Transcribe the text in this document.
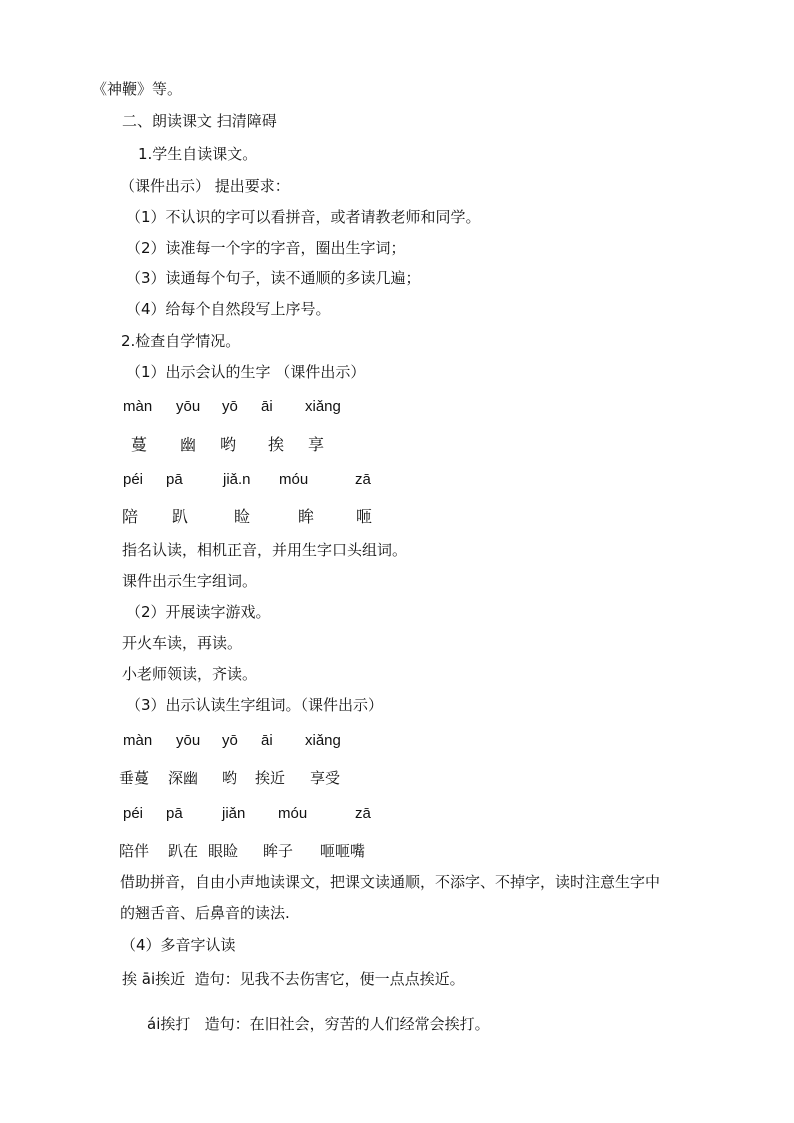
《神鞭》等。
二、朗读课文 扫清障碍
1.学生自读课文。
（课件出示） 提出要求：
（1）不认识的字可以看拼音，或者请教老师和同学。
（2）读准每一个字的字音，圈出生字词；
（3）读通每个句子，读不通顺的多读几遍；
（4）给每个自然段写上序号。
2.检查自学情况。
（1）出示会认的生字 （课件出示）
màn yōu yō āi xiǎng
蔓 幽 哟 挨 享
péi pā	jiǎ.n móu	zā
陪 趴	睑	眸	咂
指名认读，相机正音，并用生字口头组词。
课件出示生字组词。
（2）开展读字游戏。
开火车读，再读。
小老师领读，齐读。
（3）出示认读生字组词。（课件出示）
màn yōu yō āi xiǎng
垂蔓 深幽 哟 挨近 享受
péi pā	jiǎn móu	zā
陪伴 趴在 眼睑 眸子 咂咂嘴
借助拼音，自由小声地读课文，把课文读通顺，不添字、不掉字，读时注意生字中
的翘舌音、后鼻音的读法.
（4）多音字认读
挨 āi挨近  造句：见我不去伤害它，便一点点挨近。
ái挨打   造句：在旧社会，穷苦的人们经常会挨打。
